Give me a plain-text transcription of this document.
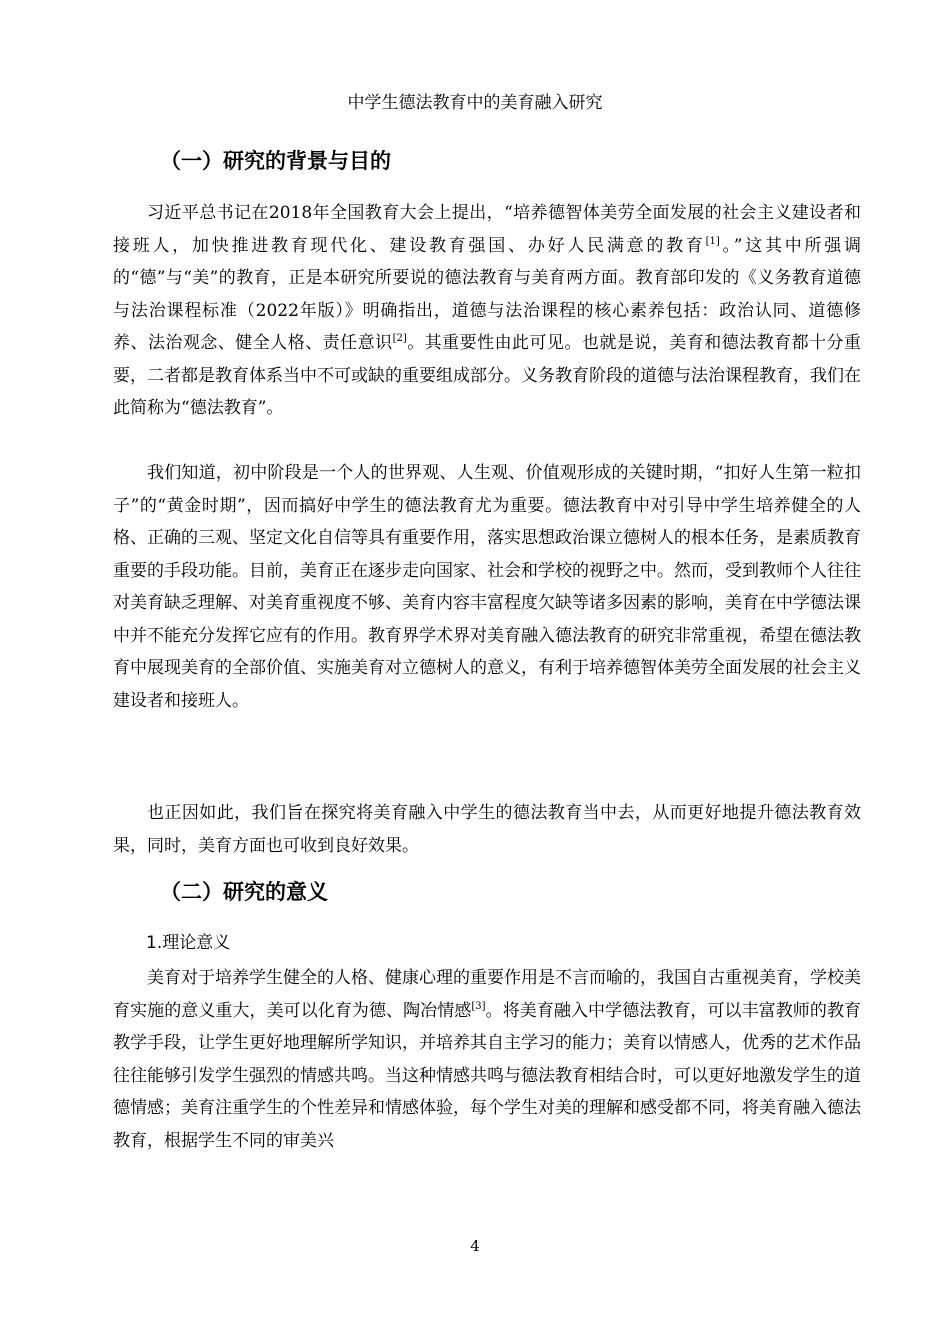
中学生德法教育中的美育融入研究
（一）研究的背景与目的

习近平总书记在2018年全国教育大会上提出，“培养德智体美劳全面发展的社会主义建设者和接班人，加快推进教育现代化、建设教育强国、办好人民满意的教育[1]。”这其中所强调的“德”与“美”的教育，正是本研究所要说的德法教育与美育两方面。教育部印发的《义务教育道德与法治课程标准（2022年版）》明确指出，道德与法治课程的核心素养包括：政治认同、道德修养、法治观念、健全人格、责任意识[2]。其重要性由此可见。也就是说，美育和德法教育都十分重要，二者都是教育体系当中不可或缺的重要组成部分。义务教育阶段的道德与法治课程教育，我们在此简称为“德法教育”。

我们知道，初中阶段是一个人的世界观、人生观、价值观形成的关键时期，“扣好人生第一粒扣子”的“黄金时期”，因而搞好中学生的德法教育尤为重要。德法教育中对引导中学生培养健全的人格、正确的三观、坚定文化自信等具有重要作用，落实思想政治课立德树人的根本任务，是素质教育重要的手段功能。目前，美育正在逐步走向国家、社会和学校的视野之中。然而，受到教师个人往往对美育缺乏理解、对美育重视度不够、美育内容丰富程度欠缺等诸多因素的影响，美育在中学德法课中并不能充分发挥它应有的作用。教育界学术界对美育融入德法教育的研究非常重视，希望在德法教育中展现美育的全部价值、实施美育对立德树人的意义，有利于培养德智体美劳全面发展的社会主义建设者和接班人。

也正因如此，我们旨在探究将美育融入中学生的德法教育当中去，从而更好地提升德法教育效果，同时，美育方面也可收到良好效果。

（二）研究的意义
1.理论意义

美育对于培养学生健全的人格、健康心理的重要作用是不言而喻的，我国自古重视美育，学校美育实施的意义重大，美可以化育为德、陶冶情感[3]。将美育融入中学德法教育，可以丰富教师的教育教学手段，让学生更好地理解所学知识，并培养其自主学习的能力；美育以情感人，优秀的艺术作品往往能够引发学生强烈的情感共鸣。当这种情感共鸣与德法教育相结合时，可以更好地激发学生的道德情感；美育注重学生的个性差异和情感体验，每个学生对美的理解和感受都不同，将美育融入德法教育，根据学生不同的审美兴

4
